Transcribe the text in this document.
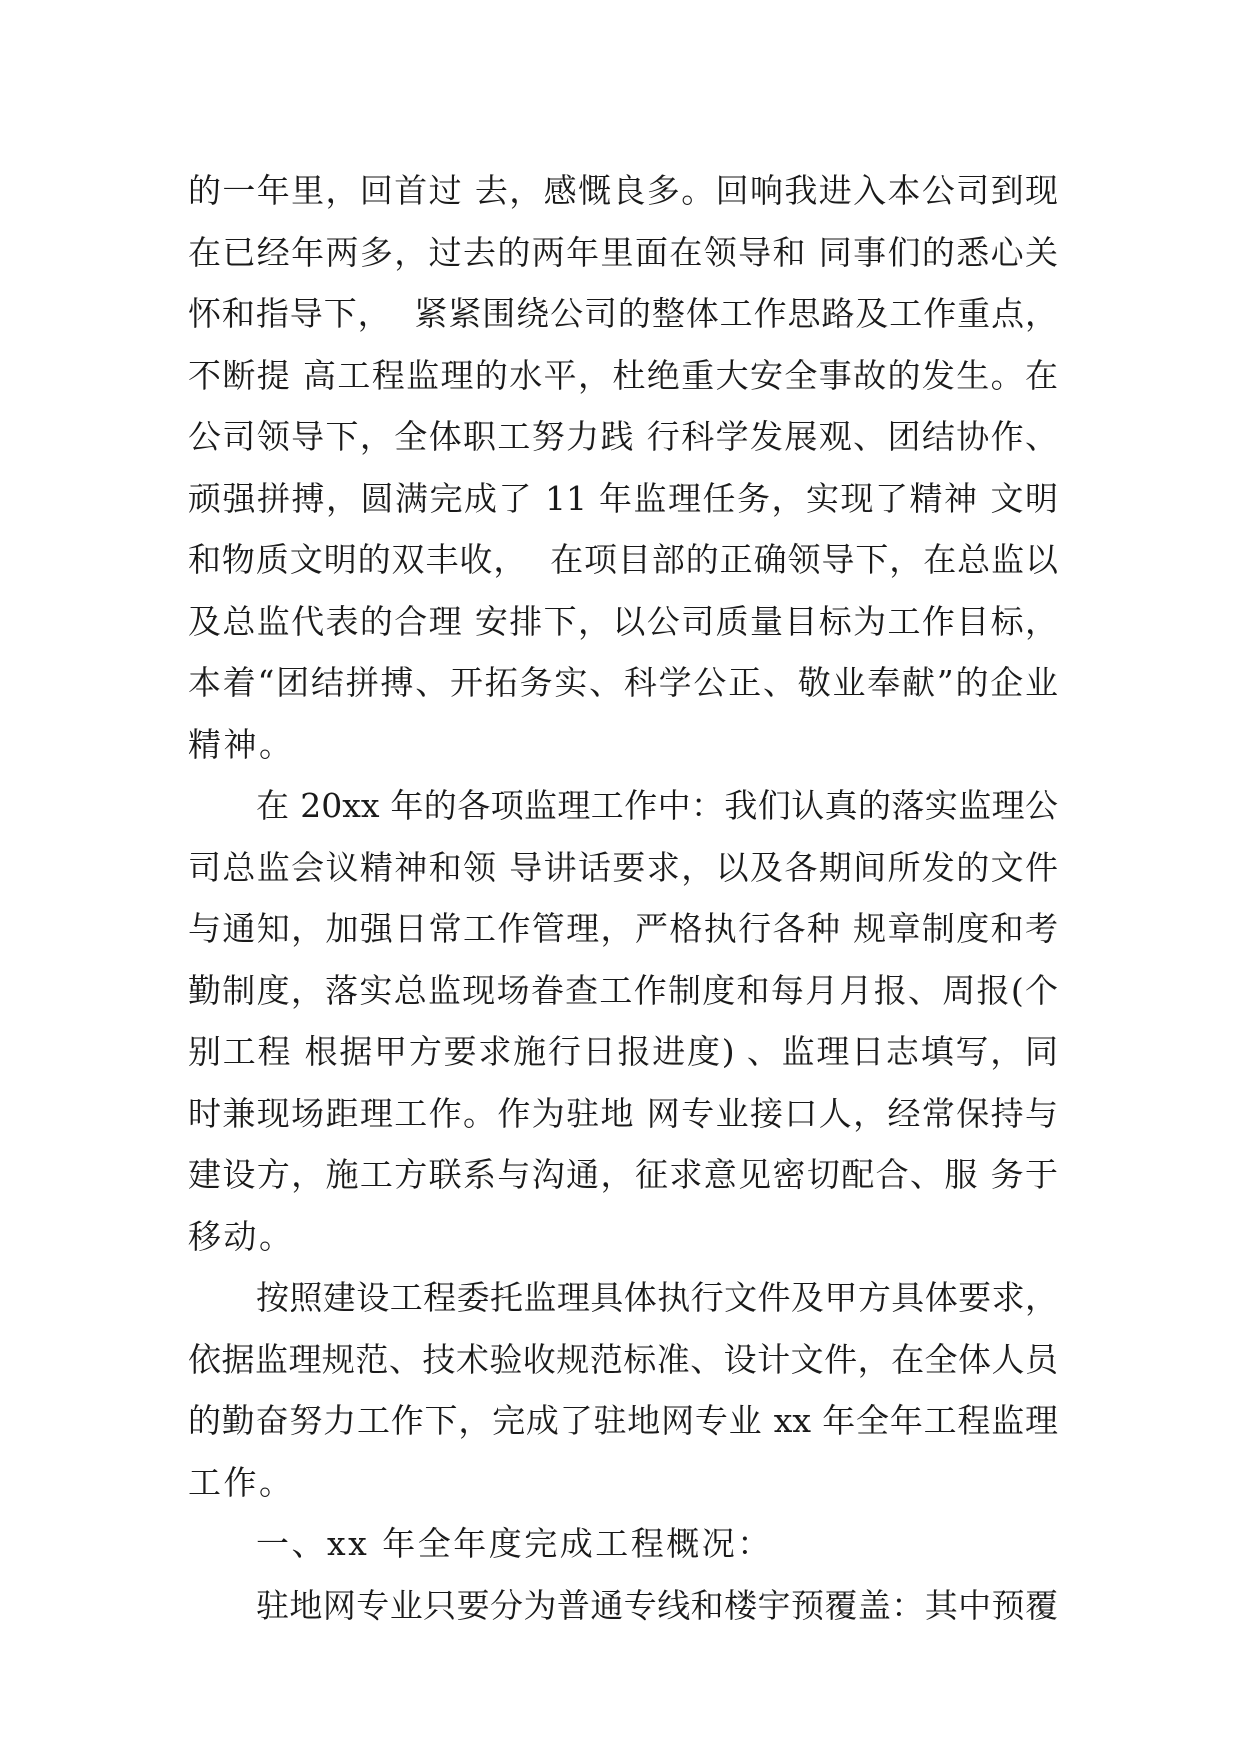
的一年里，回首过 去，感慨良多。回响我进入本公司到现
在已经年两多，过去的两年里面在领导和 同事们的悉心关
怀和指导下，  紧紧围绕公司的整体工作思路及工作重点，
不断提 高工程监理的水平，杜绝重大安全事故的发生。在
公司领导下，全体职工努力践 行科学发展观、团结协作、
顽强拼搏，圆满完成了 11 年监理任务，实现了精神 文明
和物质文明的双丰收，  在项目部的正确领导下，在总监以
及总监代表的合理 安排下，以公司质量目标为工作目标，
本着“团结拼搏、开拓务实、科学公正、敬业奉献”的企业
精神。
在 20xx 年的各项监理工作中：我们认真的落实监理公
司总监会议精神和领 导讲话要求，以及各期间所发的文件
与通知，加强日常工作管理，严格执行各种 规章制度和考
勤制度，落实总监现场眷查工作制度和每月月报、周报(个
别工程 根据甲方要求施行日报进度) 、监理日志填写，同
时兼现场距理工作。作为驻地 网专业接口人，经常保持与
建设方，施工方联系与沟通，征求意见密切配合、服 务于
移动。
按照建设工程委托监理具体执行文件及甲方具体要求，
依据监理规范、技术验收规范标准、设计文件，在全体人员
的勤奋努力工作下，完成了驻地网专业 xx 年全年工程监理
工作。
一、xx 年全年度完成工程概况：
驻地网专业只要分为普通专线和楼宇预覆盖：其中预覆
